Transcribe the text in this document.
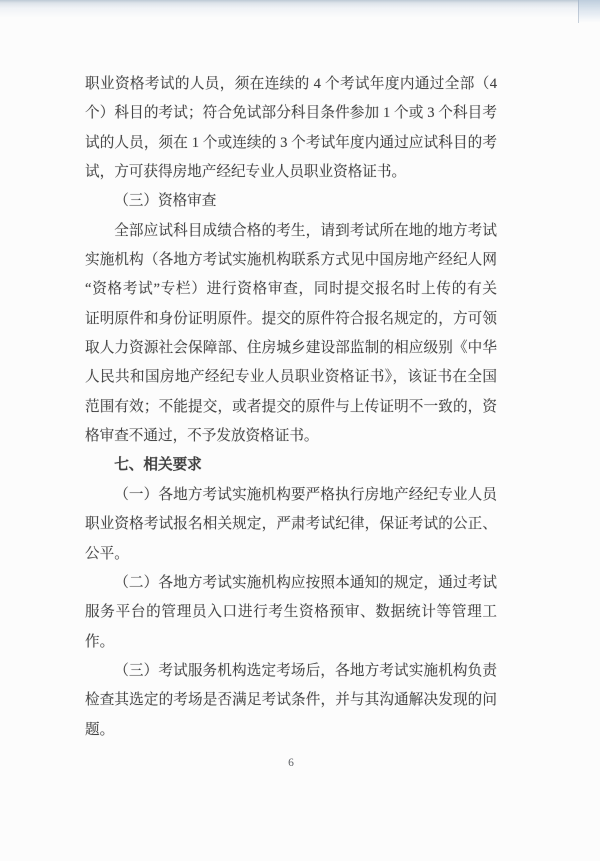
职业资格考试的人员，须在连续的 4 个考试年度内通过全部（4
个）科目的考试；符合免试部分科目条件参加 1 个或 3 个科目考
试的人员，须在 1 个或连续的 3 个考试年度内通过应试科目的考
试，方可获得房地产经纪专业人员职业资格证书。
（三）资格审查
全部应试科目成绩合格的考生，请到考试所在地的地方考试
实施机构（各地方考试实施机构联系方式见中国房地产经纪人网
“资格考试”专栏）进行资格审查，同时提交报名时上传的有关
证明原件和身份证明原件。提交的原件符合报名规定的，方可领
取人力资源社会保障部、住房城乡建设部监制的相应级别《中华
人民共和国房地产经纪专业人员职业资格证书》，该证书在全国
范围有效；不能提交，或者提交的原件与上传证明不一致的，资
格审查不通过，不予发放资格证书。
七、相关要求
（一）各地方考试实施机构要严格执行房地产经纪专业人员
职业资格考试报名相关规定，严肃考试纪律，保证考试的公正、
公平。
（二）各地方考试实施机构应按照本通知的规定，通过考试
服务平台的管理员入口进行考生资格预审、数据统计等管理工
作。
（三）考试服务机构选定考场后，各地方考试实施机构负责
检查其选定的考场是否满足考试条件，并与其沟通解决发现的问
题。
6
